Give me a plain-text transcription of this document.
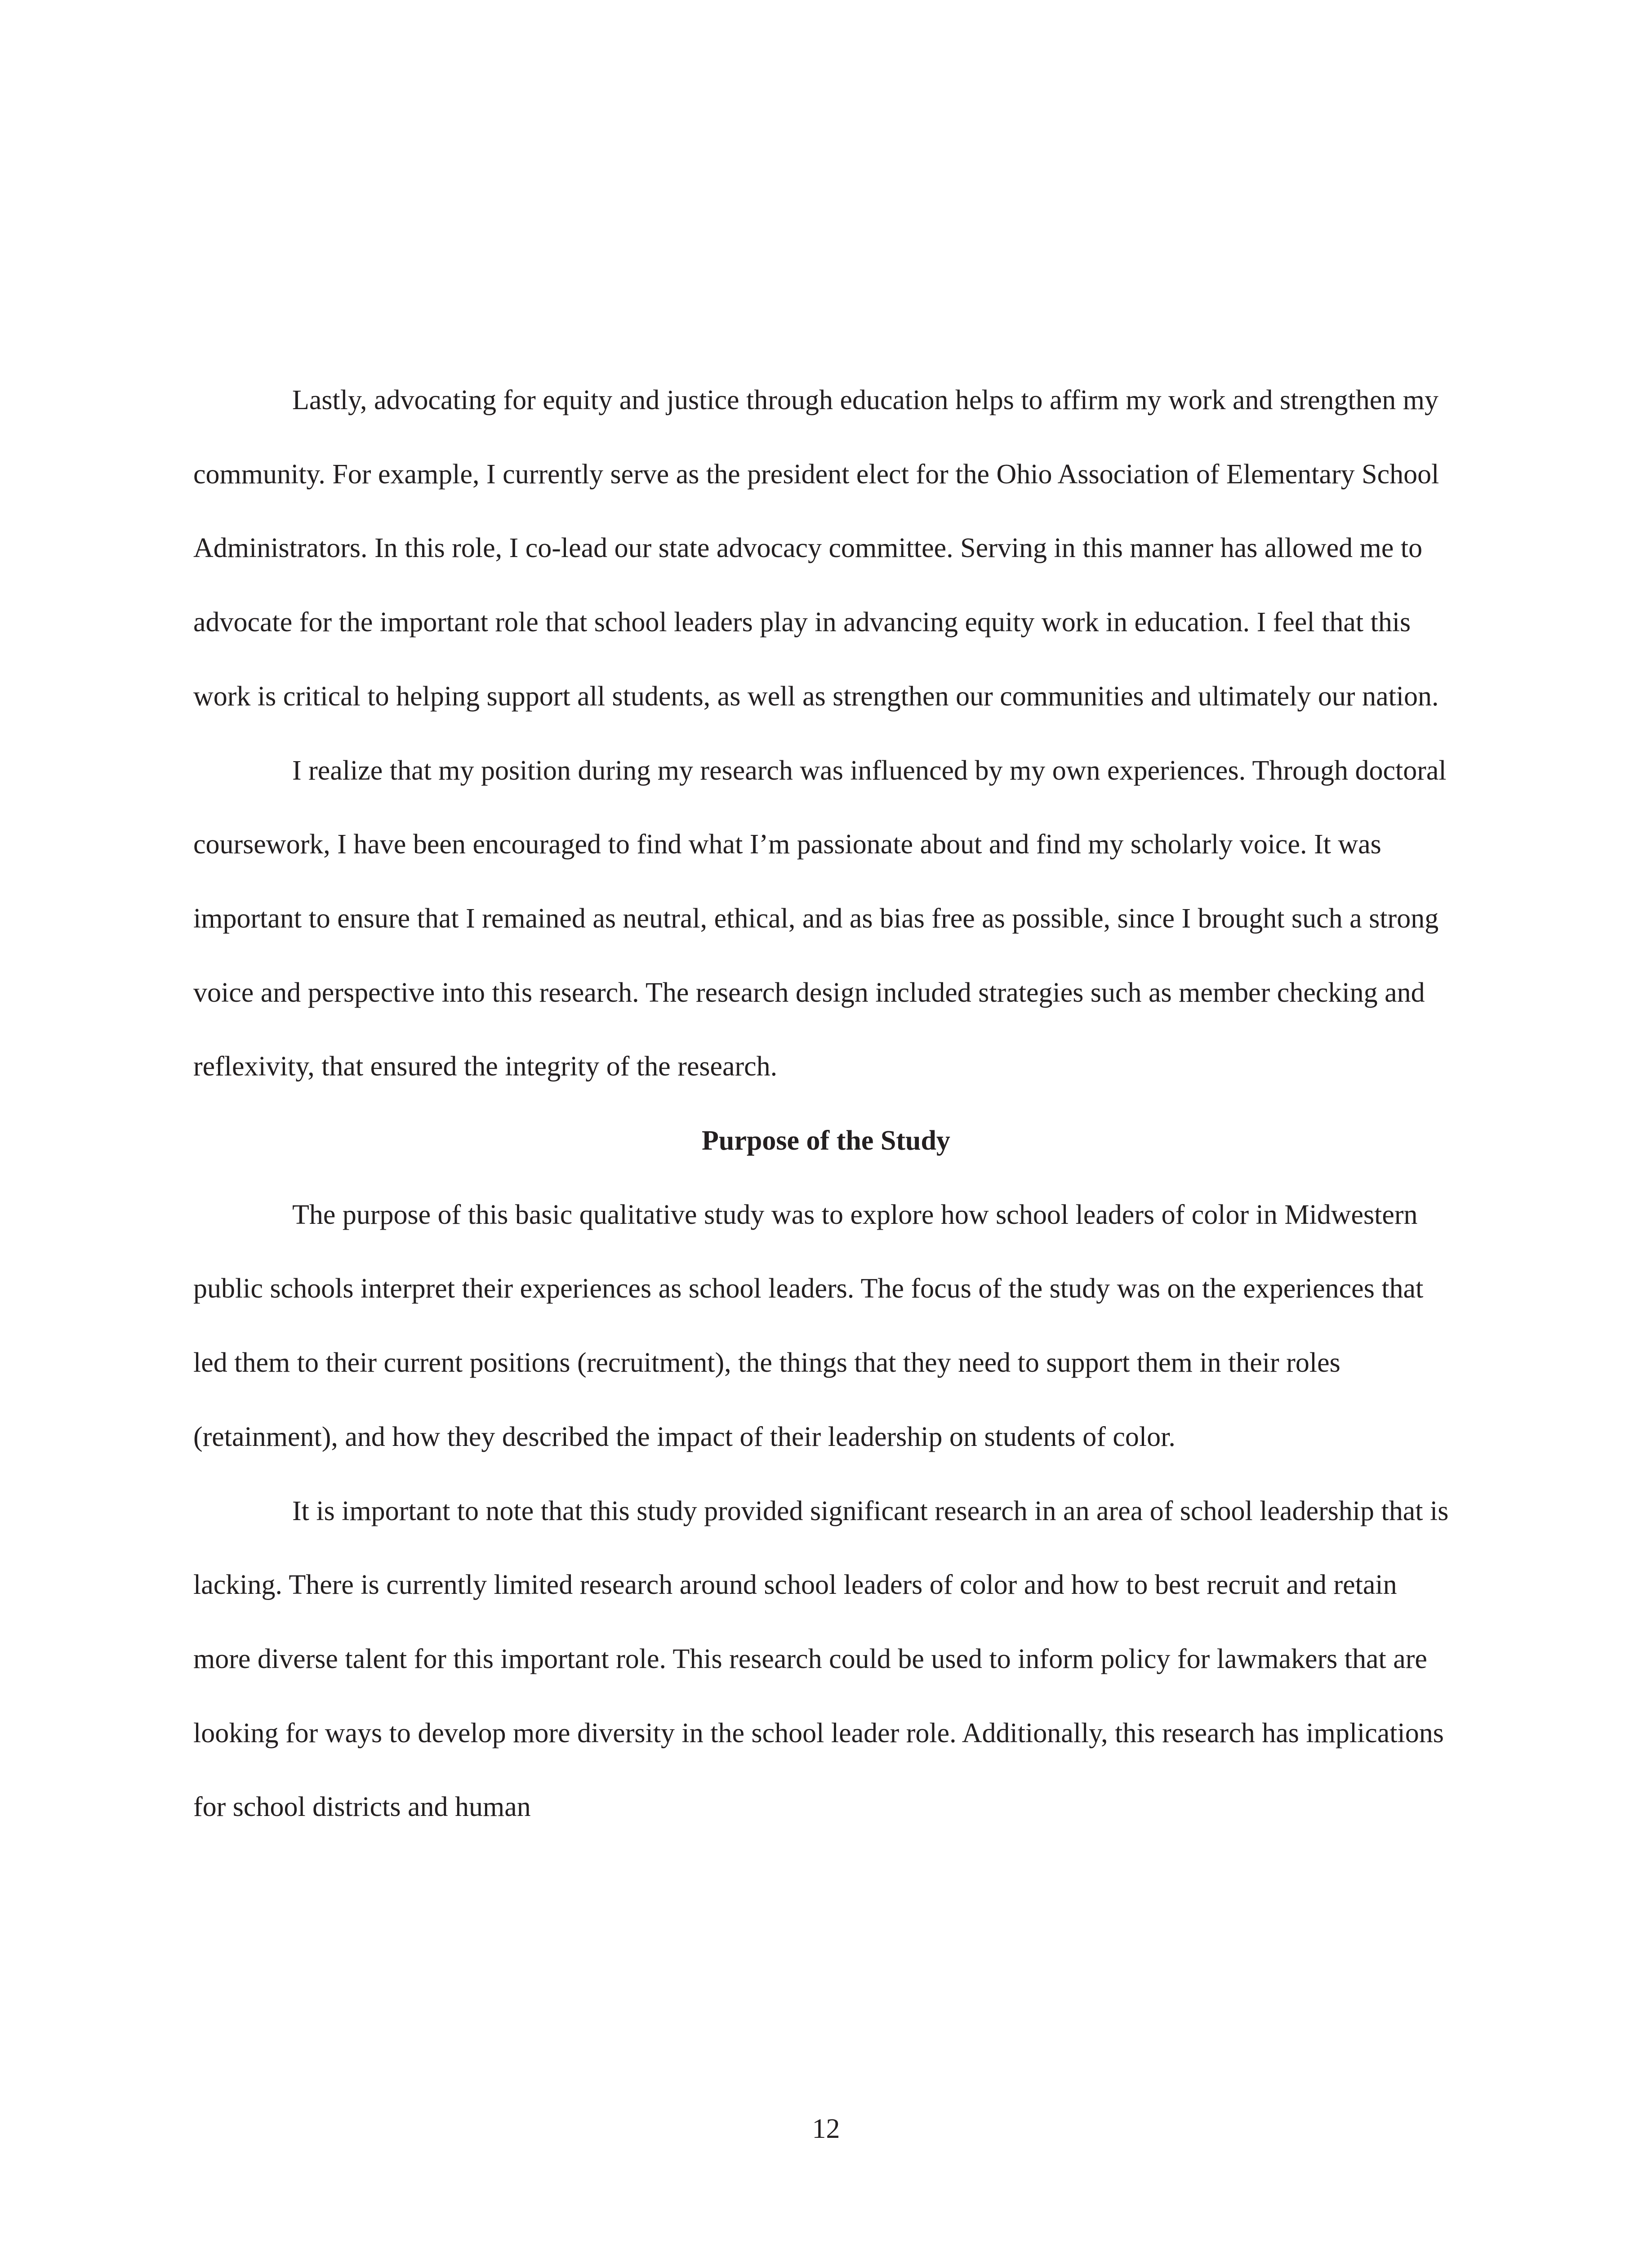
Lastly, advocating for equity and justice through education helps to affirm my work and strengthen my community. For example, I currently serve as the president elect for the Ohio Association of Elementary School Administrators. In this role, I co-lead our state advocacy committee. Serving in this manner has allowed me to advocate for the important role that school leaders play in advancing equity work in education. I feel that this work is critical to helping support all students, as well as strengthen our communities and ultimately our nation.

I realize that my position during my research was influenced by my own experiences. Through doctoral coursework, I have been encouraged to find what I’m passionate about and find my scholarly voice. It was important to ensure that I remained as neutral, ethical, and as bias free as possible, since I brought such a strong voice and perspective into this research. The research design included strategies such as member checking and reflexivity, that ensured the integrity of the research.

Purpose of the Study

The purpose of this basic qualitative study was to explore how school leaders of color in Midwestern public schools interpret their experiences as school leaders. The focus of the study was on the experiences that led them to their current positions (recruitment), the things that they need to support them in their roles (retainment), and how they described the impact of their leadership on students of color.

It is important to note that this study provided significant research in an area of school leadership that is lacking. There is currently limited research around school leaders of color and how to best recruit and retain more diverse talent for this important role. This research could be used to inform policy for lawmakers that are looking for ways to develop more diversity in the school leader role. Additionally, this research has implications for school districts and human

12
